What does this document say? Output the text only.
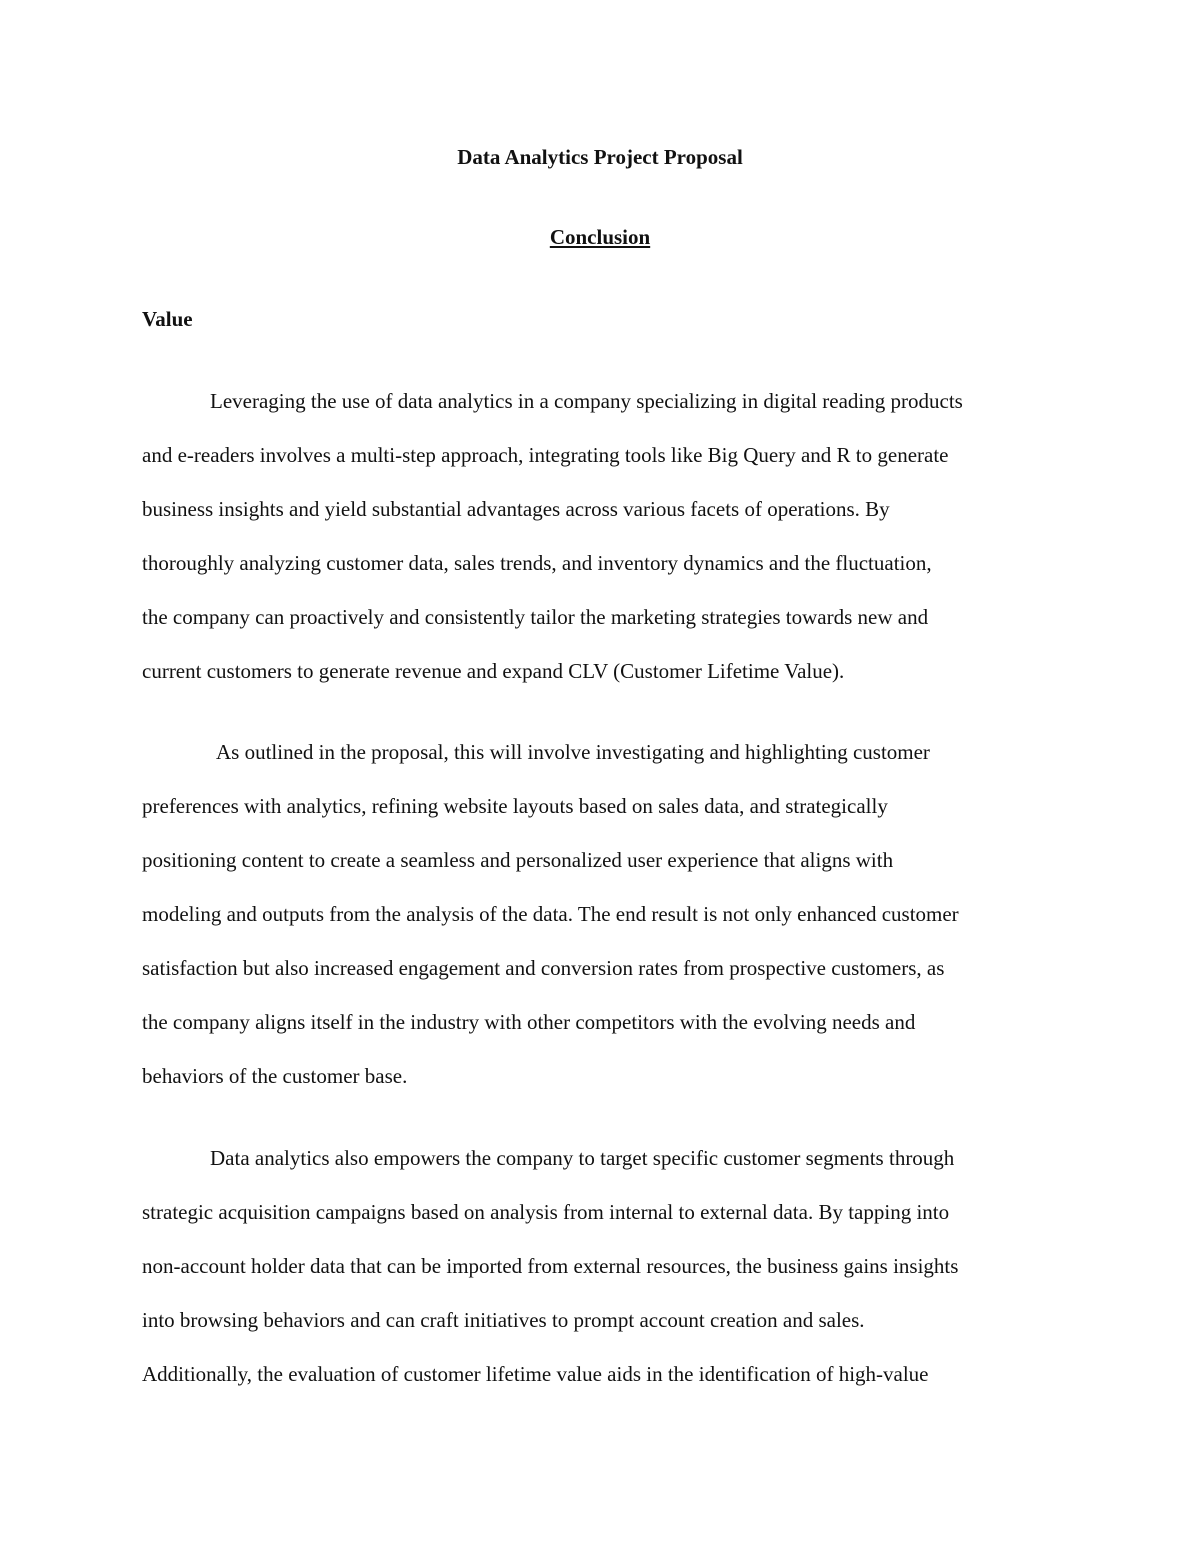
Data Analytics Project Proposal
Conclusion
Value

Leveraging the use of data analytics in a company specializing in digital reading products
and e-readers involves a multi-step approach, integrating tools like Big Query and R to generate
business insights and yield substantial advantages across various facets of operations. By
thoroughly analyzing customer data, sales trends, and inventory dynamics and the fluctuation,
the company can proactively and consistently tailor the marketing strategies towards new and
current customers to generate revenue and expand CLV (Customer Lifetime Value).

As outlined in the proposal, this will involve investigating and highlighting customer
preferences with analytics, refining website layouts based on sales data, and strategically
positioning content to create a seamless and personalized user experience that aligns with
modeling and outputs from the analysis of the data. The end result is not only enhanced customer
satisfaction but also increased engagement and conversion rates from prospective customers, as
the company aligns itself in the industry with other competitors with the evolving needs and
behaviors of the customer base.

Data analytics also empowers the company to target specific customer segments through
strategic acquisition campaigns based on analysis from internal to external data. By tapping into
non-account holder data that can be imported from external resources, the business gains insights
into browsing behaviors and can craft initiatives to prompt account creation and sales.
Additionally, the evaluation of customer lifetime value aids in the identification of high-value
